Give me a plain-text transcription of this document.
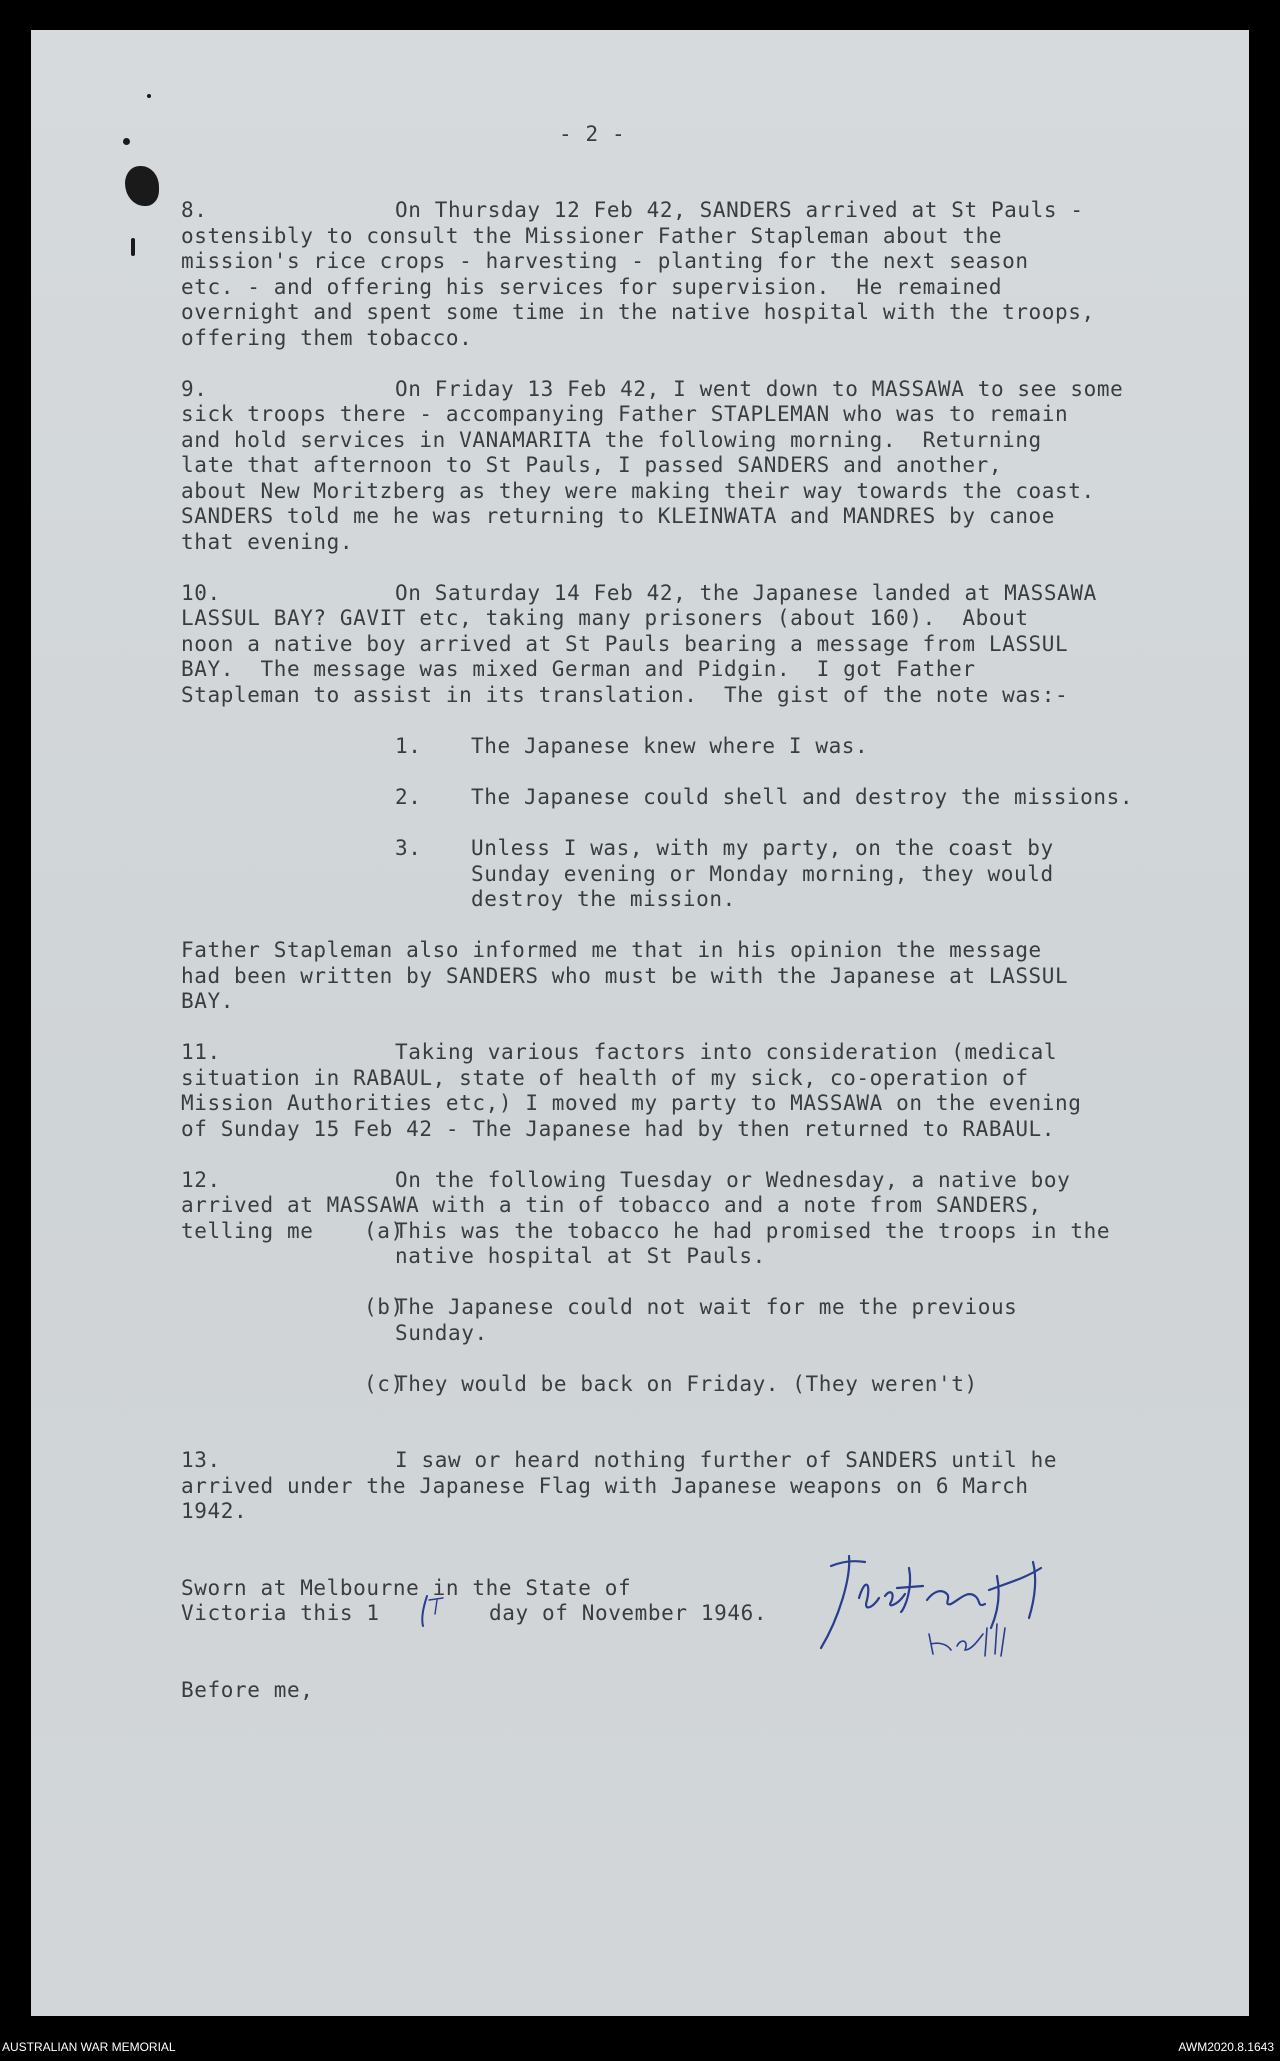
- 2 -
8.	On Thursday 12 Feb 42, SANDERS arrived at St Pauls -
ostensibly to consult the Missioner Father Stapleman about the
mission's rice crops - harvesting - planting for the next season
etc. - and offering his services for supervision.  He remained
overnight and spent some time in the native hospital with the troops,
offering them tobacco.
9.	On Friday 13 Feb 42, I went down to MASSAWA to see some
sick troops there - accompanying Father STAPLEMAN who was to remain
and hold services in VANAMARITA the following morning.  Returning
late that afternoon to St Pauls, I passed SANDERS and another,
about New Moritzberg as they were making their way towards the coast.
SANDERS told me he was returning to KLEINWATA and MANDRES by canoe
that evening.
10.	On Saturday 14 Feb 42, the Japanese landed at MASSAWA
LASSUL BAY? GAVIT etc, taking many prisoners (about 160).  About
noon a native boy arrived at St Pauls bearing a message from LASSUL
BAY.  The message was mixed German and Pidgin.  I got Father
Stapleman to assist in its translation.  The gist of the note was:-
1. The Japanese knew where I was.
2. The Japanese could shell and destroy the missions.
3. Unless I was, with my party, on the coast by
Sunday evening or Monday morning, they would
destroy the mission.
Father Stapleman also informed me that in his opinion the message
had been written by SANDERS who must be with the Japanese at LASSUL
BAY.
11.	Taking various factors into consideration (medical
situation in RABAUL, state of health of my sick, co-operation of
Mission Authorities etc,) I moved my party to MASSAWA on the evening
of Sunday 15 Feb 42 - The Japanese had by then returned to RABAUL.
12.	On the following Tuesday or Wednesday, a native boy
arrived at MASSAWA with a tin of tobacco and a note from SANDERS,
telling me (a)
This was the tobacco he had promised the troops in the
native hospital at St Pauls.
(b)
The Japanese could not wait for me the previous
Sunday.
(c)
They would be back on Friday. (They weren't)
13.	I saw or heard nothing further of SANDERS until he
arrived under the Japanese Flag with Japanese weapons on 6 March
1942.
Sworn at Melbourne in the State of
Victoria this 1	day of November 1946.
Before me,
AUSTRALIAN WAR MEMORIAL	AWM2020.8.1643
